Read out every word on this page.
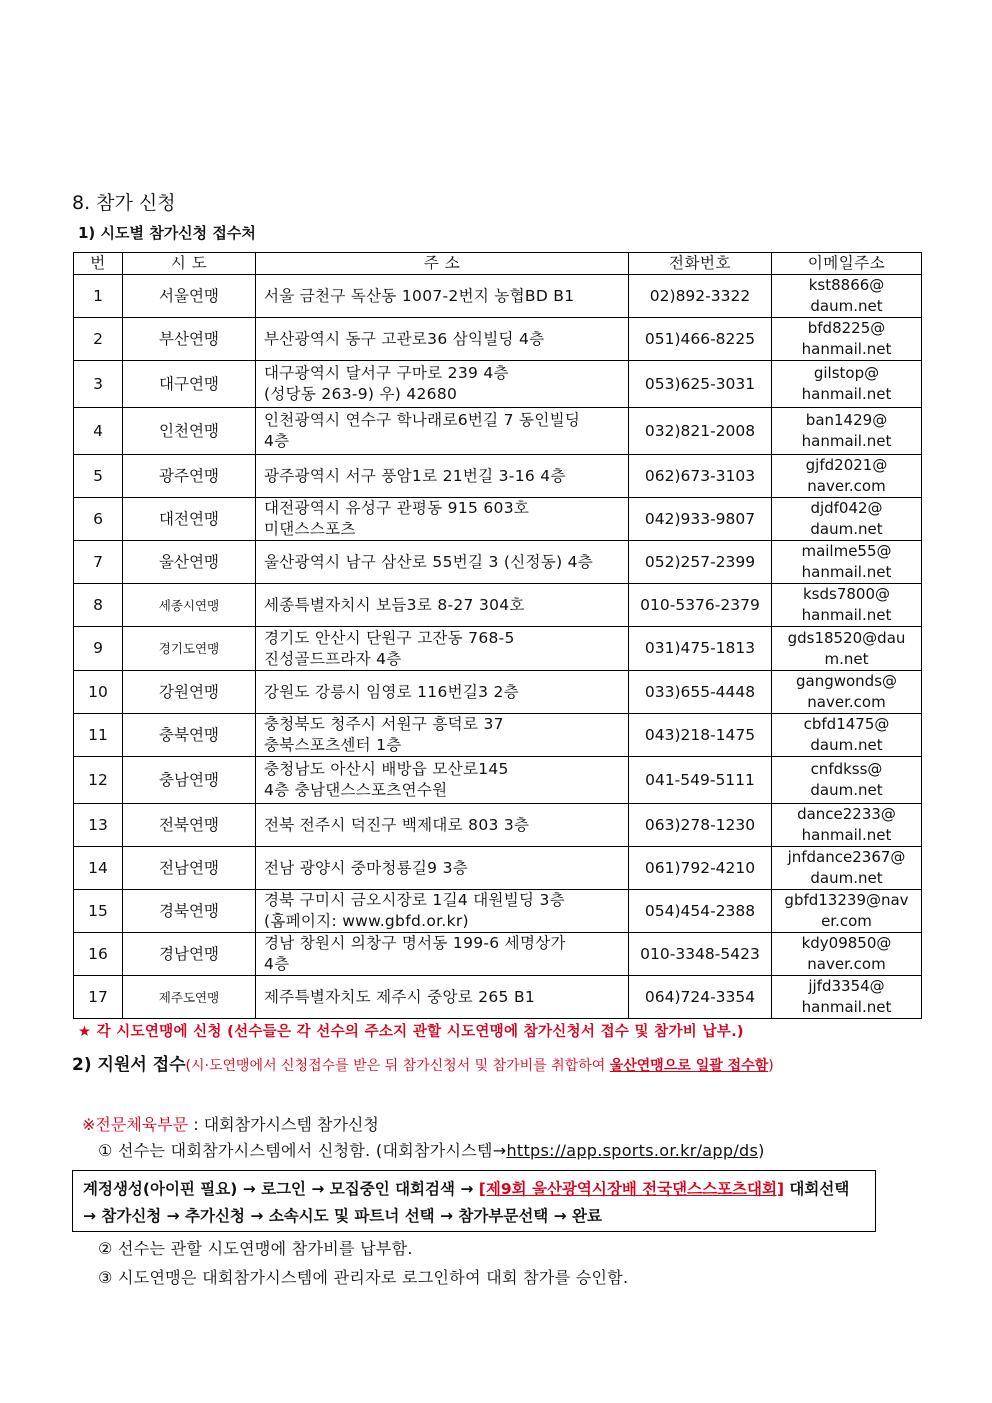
8. 참가 신청
1) 시도별 참가신청 접수처
번	시 도	주 소	전화번호	이메일주소
1	서울연맹	서울 금천구 독산동 1007-2번지 농협BD B1	02)892-3322	kst8866@
daum.net

2	부산연맹	부산광역시 동구 고관로36 삼익빌딩 4층	051)466-8225	bfd8225@
hanmail.net

3	대구연맹	대구광역시 달서구 구마로 239 4층
(성당동 263-9) 우) 42680	053)625-3031	gilstop@
hanmail.net

4	인천연맹	인천광역시 연수구 학나래로6번길 7 동인빌딩
4층	032)821-2008	ban1429@
hanmail.net

5	광주연맹	광주광역시 서구 풍암1로 21번길 3-16 4층	062)673-3103	gjfd2021@
naver.com

6	대전연맹	대전광역시 유성구 관평동 915 603호
미댄스스포츠	042)933-9807	djdf042@
daum.net

7	울산연맹	울산광역시 남구 삼산로 55번길 3 (신정동) 4층	052)257-2399	mailme55@
hanmail.net

8	세종시연맹	세종특별자치시 보듬3로 8-27 304호	010-5376-2379	ksds7800@
hanmail.net

9	경기도연맹	경기도 안산시 단원구 고잔동 768-5
진성골드프라자 4층	031)475-1813	gds18520@dau
m.net

10	강원연맹	강원도 강릉시 임영로 116번길3 2층	033)655-4448	gangwonds@
naver.com

11	충북연맹	충청북도 청주시 서원구 흥덕로 37
충북스포츠센터 1층	043)218-1475	cbfd1475@
daum.net

12	충남연맹	충청남도 아산시 배방읍 모산로145
4층 충남댄스스포츠연수원	041-549-5111	cnfdkss@
daum.net

13	전북연맹	전북 전주시 덕진구 백제대로 803 3층	063)278-1230	dance2233@
hanmail.net

14	전남연맹	전남 광양시 중마청룡길9 3층	061)792-4210	jnfdance2367@
daum.net

15	경북연맹	경북 구미시 금오시장로 1길4 대원빌딩 3층
(홈페이지: www.gbfd.or.kr)	054)454-2388	gbfd13239@nav
er.com

16	경남연맹	경남 창원시 의창구 명서동 199-6 세명상가
4층	010-3348-5423	kdy09850@
naver.com

17	제주도연맹	제주특별자치도 제주시 중앙로 265 B1	064)724-3354	jjfd3354@
hanmail.net
★ 각 시도연맹에 신청 (선수들은 각 선수의 주소지 관할 시도연맹에 참가신청서 접수 및 참가비 납부.)
2) 지원서 접수(시·도연맹에서 신청접수를 받은 뒤 참가신청서 및 참가비를 취합하여 울산연맹으로 일괄 접수함)
※전문체육부문 : 대회참가시스템 참가신청
① 선수는 대회참가시스템에서 신청함. (대회참가시스템→https://app.sports.or.kr/app/ds)
계정생성(아이핀 필요) → 로그인 → 모집중인 대회검색 → [제9회 울산광역시장배 전국댄스스포츠대회] 대회선택 → 참가신청 → 추가신청 → 소속시도 및 파트너 선택 → 참가부문선택 → 완료
② 선수는 관할 시도연맹에 참가비를 납부함.
③ 시도연맹은 대회참가시스템에 관리자로 로그인하여 대회 참가를 승인함.
